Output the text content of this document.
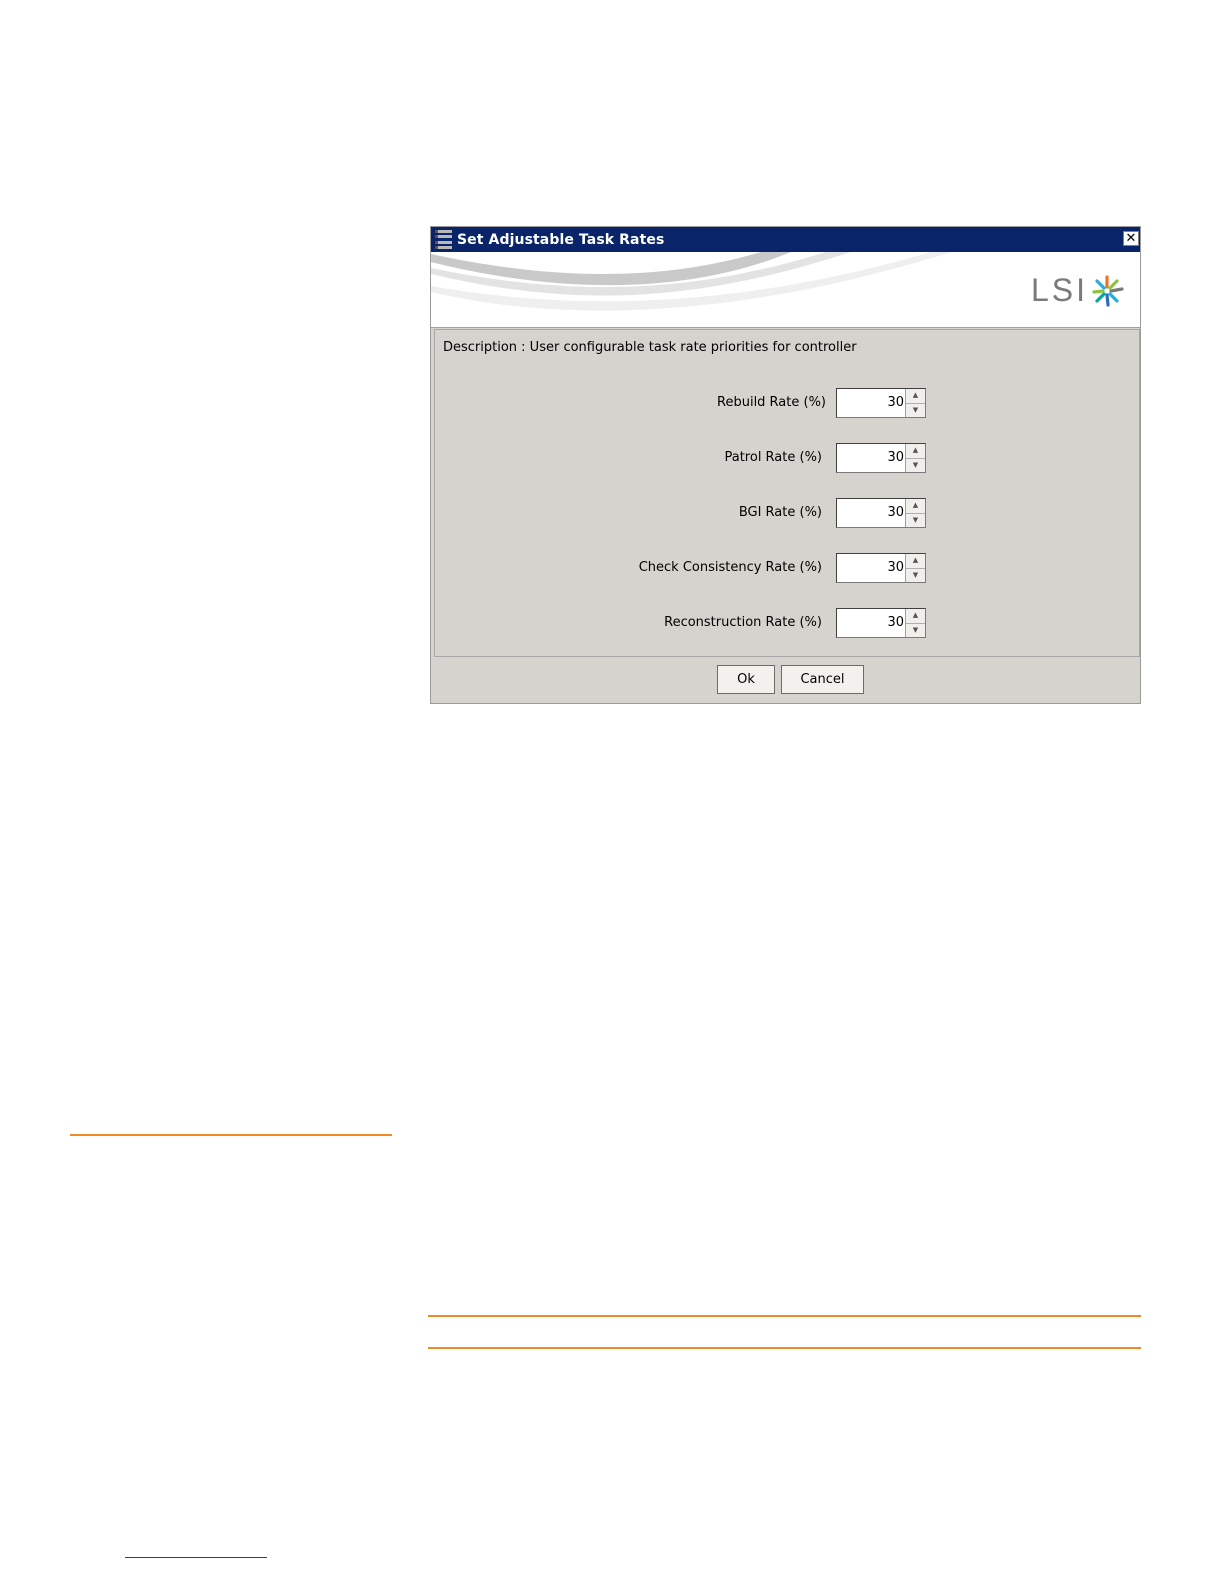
Set Adjustable Task Rates	✕
LSI
Description : User configurable task rate priorities for controller
Rebuild Rate (%)	30	▲
▼
Patrol Rate (%)	30	▲
▼
BGI Rate (%)	30	▲
▼
Check Consistency Rate (%)	30	▲
▼
Reconstruction Rate (%)	30	▲
▼
Ok	Cancel
